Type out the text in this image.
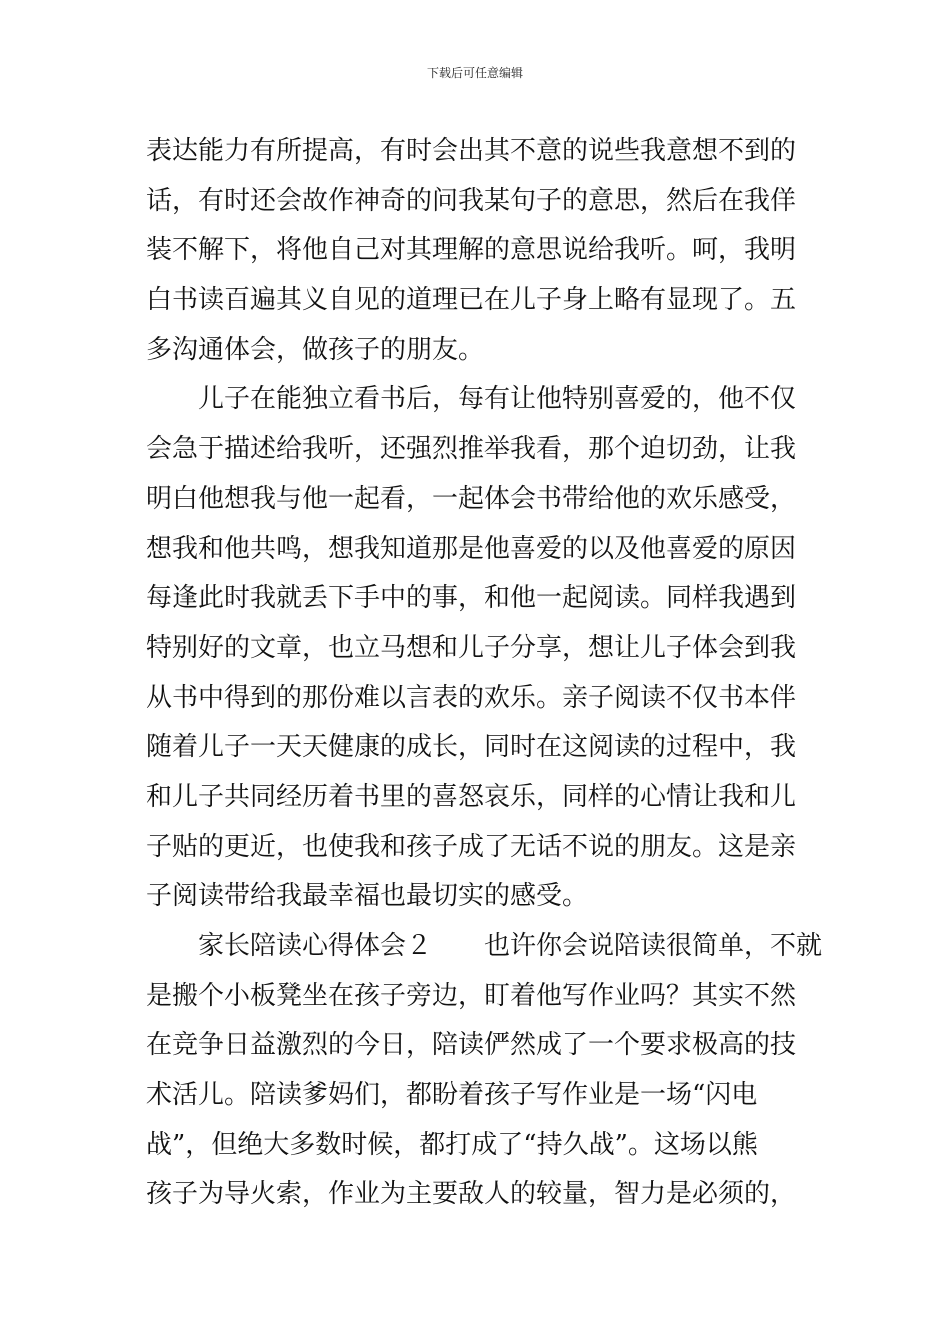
下载后可任意编辑
表达能力有所提高，有时会出其不意的说些我意想不到的
话，有时还会故作神奇的问我某句子的意思，然后在我佯
装不解下，将他自己对其理解的意思说给我听。呵，我明
白书读百遍其义自见的道理已在儿子身上略有显现了。五
多沟通体会，做孩子的朋友。
儿子在能独立看书后，每有让他特别喜爱的，他不仅
会急于描述给我听，还强烈推举我看，那个迫切劲，让我
明白他想我与他一起看，一起体会书带给他的欢乐感受，
想我和他共鸣，想我知道那是他喜爱的以及他喜爱的原因
每逢此时我就丢下手中的事，和他一起阅读。同样我遇到
特别好的文章，也立马想和儿子分享，想让儿子体会到我
从书中得到的那份难以言表的欢乐。亲子阅读不仅书本伴
随着儿子一天天健康的成长，同时在这阅读的过程中，我
和儿子共同经历着书里的喜怒哀乐，同样的心情让我和儿
子贴的更近，也使我和孩子成了无话不说的朋友。这是亲
子阅读带给我最幸福也最切实的感受。
家长陪读心得体会２　　也许你会说陪读很简单，不就
是搬个小板凳坐在孩子旁边，盯着他写作业吗？其实不然
在竞争日益激烈的今日，陪读俨然成了一个要求极高的技
术活儿。陪读爹妈们，都盼着孩子写作业是一场“闪电
战”，但绝大多数时候，都打成了“持久战”。这场以熊
孩子为导火索，作业为主要敌人的较量，智力是必须的，
